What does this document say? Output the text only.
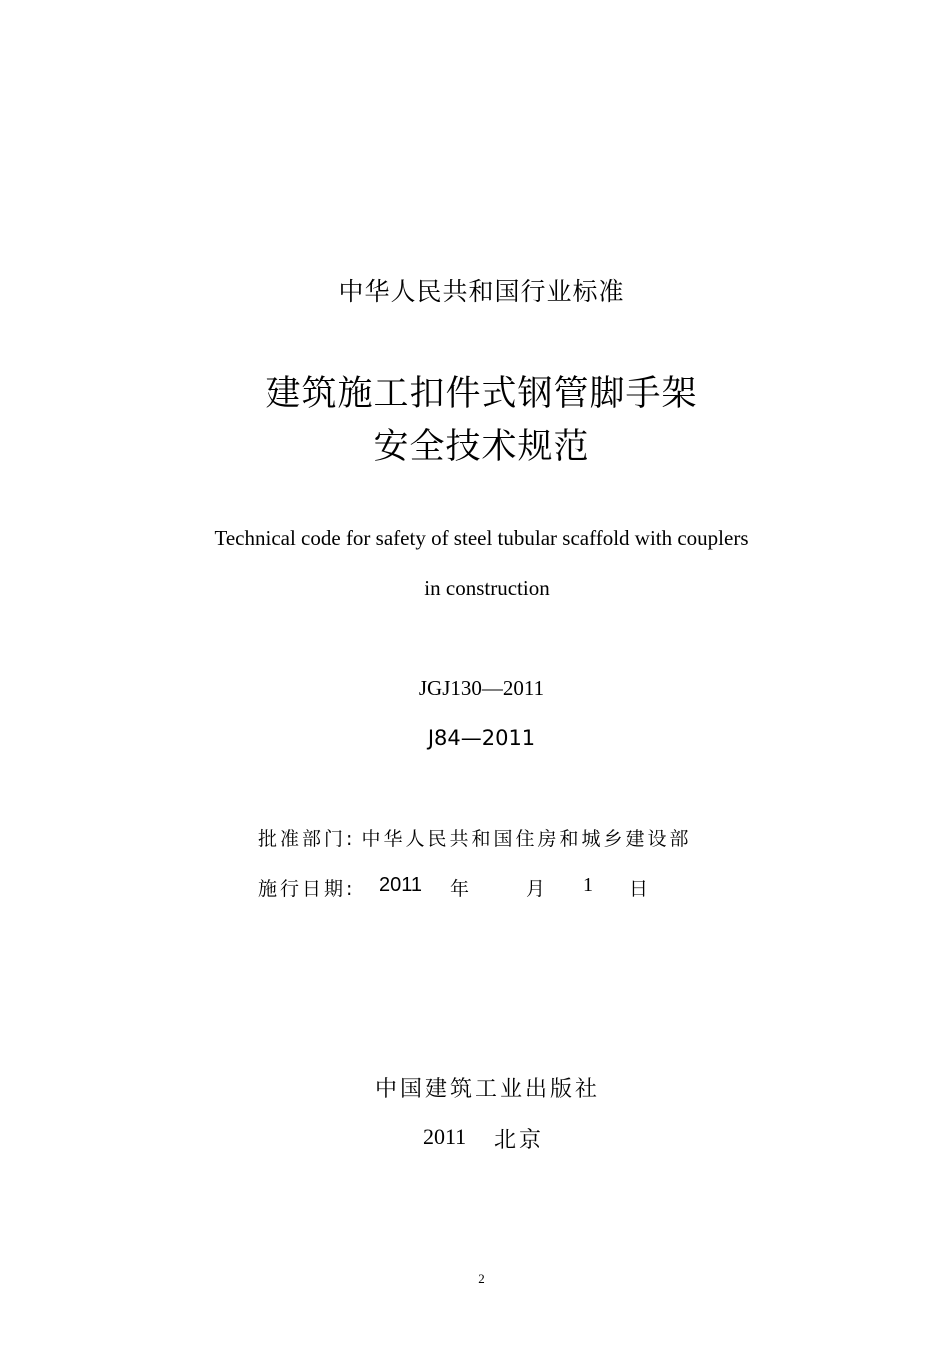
中华人民共和国行业标准
建筑施工扣件式钢管脚手架
安全技术规范
Technical code for safety of steel tubular scaffold with couplers
in construction
JGJ130—2011
J84—2011
批准部门: 中华人民共和国住房和城乡建设部
施行日期: 2011 年	月 1 日
中国建筑工业出版社
2011 北京
2
